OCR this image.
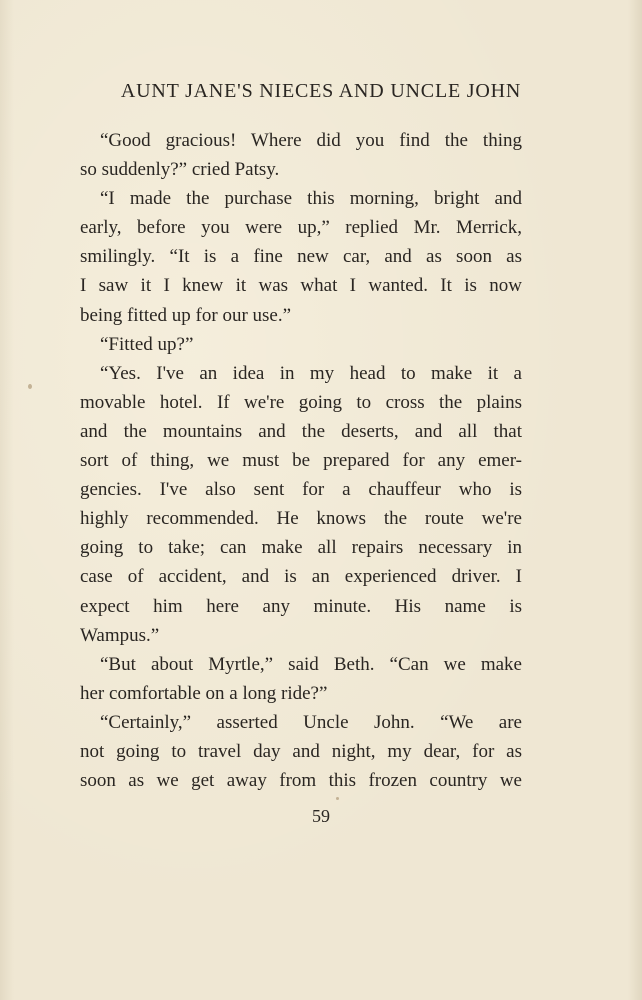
AUNT JANE'S NIECES AND UNCLE JOHN
“Good gracious! Where did you find the thing
so suddenly?” cried Patsy.
“I made the purchase this morning, bright and
early, before you were up,” replied Mr. Merrick,
smilingly. “It is a fine new car, and as soon as
I saw it I knew it was what I wanted. It is now
being fitted up for our use.”
“Fitted up?”
“Yes. I've an idea in my head to make it a
movable hotel. If we're going to cross the plains
and the mountains and the deserts, and all that
sort of thing, we must be prepared for any emer-
gencies. I've also sent for a chauffeur who is
highly recommended. He knows the route we're
going to take; can make all repairs necessary in
case of accident, and is an experienced driver. I
expect him here any minute. His name is
Wampus.”
“But about Myrtle,” said Beth. “Can we make
her comfortable on a long ride?”
“Certainly,” asserted Uncle John. “We are
not going to travel day and night, my dear, for as
soon as we get away from this frozen country we
59
